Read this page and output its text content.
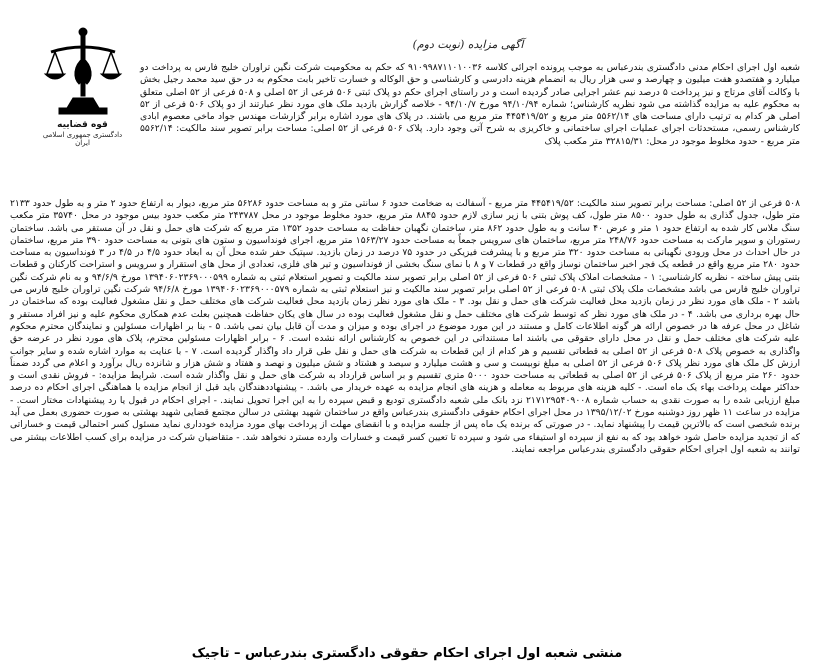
آگهی مزایده (نوبت دوم)
قوه قضاییه
دادگستری جمهوری اسلامی ایران
شعبه اول اجرای احکام مدنی دادگستری بندرعباس به موجب پرونده اجرائی کلاسه ۹۱۰۹۹۸۷۱۱۰۱۰۰۳۶ که حکم به محکومیت شرکت نگین تراوران خلیج فارس به پرداخت دو میلیارد و هفتصدو هفت میلیون و چهارصد و سی هزار ریال به انضمام هزینه دادرسی و کارشناسی و حق الوکاله و خسارت تاخیر بابت محکوم به در حق سید محمد رجیل بخش با وکالت آقای مرتاج و نیز پرداخت ۵ درصد نیم عشر اجرایی صادر گردیده است و در راستای اجرای حکم دو پلاک ثبتی ۵۰۶ فرعی از ۵۲ اصلی و ۵۰۸ فرعی از ۵۲ اصلی متعلق به محکوم علیه به مزایده گذاشته می شود نظریه کارشناس؛ شماره ۹۴/۱۰/۹۴ مورخ ۹۴/۱۰/۷ - خلاصه گزارش بازدید ملک های مورد نظر عبارتند از دو پلاک ۵۰۶ فرعی از ۵۲ اصلی هر کدام به ترتیب دارای مساحت های ۵۵۶۲/۱۴ متر مربع و ۴۴۵۴۱۹/۵۲ متر مربع می باشند. در پلاک های مورد اشاره برابر گزارشات مهندس جواد ماخی معصوم ابادی کارشناس رسمی، مستحدثات اجرای عملیات اجرای ساختمانی و خاکریزی به شرح آتی وجود دارد. پلاک ۵۰۶ فرعی از ۵۲ اصلی: مساحت برابر تصویر سند مالکیت: ۵۵۶۲/۱۴ متر مربع - حدود مخلوط موجود در محل: ۳۲۸۱۵/۳۱ متر مکعب پلاک
۵۰۸ فرعی از ۵۲ اصلی: مساحت برابر تصویر سند مالکیت: ۴۴۵۴۱۹/۵۲ متر مربع - آسفالت به ضخامت حدود ۶ سانتی متر و به مساحت حدود ۵۶۲۸۶ متر مربع، دیوار به ارتفاع حدود ۲ متر و به طول حدود ۲۱۳۳ متر طول، جدول گذاری به طول حدود ۸۵۰۰ متر طول، کف پوش بتنی با زیر سازی لازم حدود ۸۸۴۵ متر مربع، حدود مخلوط موجود در محل ۲۴۳۷۸۷ متر مکعب حدود بیس موجود در محل ۳۵۷۴۰ متر مکعب سنگ ملاس کار شده به ارتفاع حدود ۱ متر و عرض ۴۰ سانت و به طول حدود ۸۶۲ متر، ساختمان نگهبان حفاظت به مساحت حدود ۱۳۵۲ متر مربع که شرکت های حمل و نقل در آن مستقر می باشد. ساختمان رستوران و سوپر مارکت به مساحت حدود ۲۴۸/۷۶ متر مربع، ساختمان های سرویس جمعاً به مساحت حدود ۱۵۶۳/۲۷ متر مربع، اجرای فونداسیون و ستون های بتونی به مساحت حدود ۳۹۰ متر مربع، ساختمان در حال احداث در محل ورودی نگهبانی به مساحت حدود ۳۲۰ متر مربع و با پیشرفت فیزیکی در حدود ۷۵ درصد در زمان بازدید. سپتیک حفر شده محل آن به ابعاد حدود ۴/۵ در ۴/۵ در ۳ فونداسیون به مساحت حدود ۲۸۰ متر مربع واقع در قطعه یک فجر اخبر ساختمان نوساز واقع در قطعات ۷ و ۸ با نمای سنگ بخشی از فونداسیون و تیر های فلزی، تعدادی از محل های استقرار و سرویس و استراحت کارکنان و قطعات بتنی پیش ساخته - نظریه کارشناسی: ۱ - مشخصات املاک پلاک ثبتی ۵۰۶ فرعی از ۵۲ اصلی برابر تصویر سند مالکیت و تصویر استعلام ثبتی به شماره ۱۳۹۴۰۶۰۲۳۶۹۰۰۰۵۹۹ مورخ ۹۴/۶/۹ و به نام شرکت نگین تراوران خلیج فارس می باشد مشخصات ملک پلاک ثبتی ۵۰۸ فرعی از ۵۲ اصلی برابر تصویر سند مالکیت و نیز استعلام ثبتی به شماره ۱۳۹۴۰۶۰۲۳۶۹۰۰۰۵۷۹ مورخ ۹۴/۶/۸ شرکت نگین تراوران خلیج فارس می باشد ۲ - ملک های مورد نظر در زمان بازدید محل فعالیت شرکت های حمل و نقل بود. ۳ - ملک های مورد نظر زمان بازدید محل فعالیت شرکت های مختلف حمل و نقل مشغول فعالیت بوده که ساختمان در حال بهره برداری می باشد. ۴ - در ملک های مورد نظر که توسط شرکت های مختلف حمل و نقل مشغول فعالیت بوده در سال های یکان حفاظت همچنین بعلت عدم همکاری محکوم علیه و نیز افراد مستقر و شاغل در محل عرفه ها در خصوص ارائه هر گونه اطلاعات کامل و مستند در این مورد موضوع در اجرای بوده و میزان و مدت آن قابل بیان نمی باشد. ۵ - بنا بر اظهارات مسئولین و نمایندگان محترم محکوم علیه شرکت های مختلف حمل و نقل در محل دارای حقوقی می باشند اما مستنداتی در این خصوص به کارشناس ارائه نشده است. ۶ - برابر اظهارات مسئولین محترم، پلاک های مورد نظر در عرضه حق واگذاری به خصوص پلاک ۵۰۸ فرعی از ۵۲ اصلی به قطعاتی تقسیم و هر کدام از این قطعات به شرکت های حمل و نقل طی قرار داد واگذار گردیده است. ۷ - با عنایت به موارد اشاره شده و سایر جوانب ارزش کل ملک های مورد نظر پلاک ۵۰۶ فرعی از ۵۲ اصلی به مبلغ نوبیست و سی و هشت میلیارد و سیصد و هشتاد و شش میلیون و نهصد و هفتاد و شش هزار و شانزده ریال برآورد و اعلام می گردد ضمناً حدود ۲۶۰ متر مربع از پلاک ۵۰۶ فرعی از ۵۲ اصلی به قطعاتی به مساحت حدود ۵۰۰۰ متری تقسیم و بر اساس قرارداد به شرکت های حمل و نقل واگذار شده است. شرایط مزایده: - فروش نقدی است و حداکثر مهلت پرداخت بهاء یک ماه است. - کلیه هزینه های مربوط به معامله و هزینه های انجام مزایده به عهده خریدار می باشد. - پیشنهاددهندگان باید قبل از انجام مزایده با هماهنگی اجرای احکام ده درصد مبلغ ارزیابی شده را به صورت نقدی به حساب شماره ۲۱۷۱۲۹۵۴۰۹۰۰۸ نزد بانک ملی شعبه دادگستری تودیع و قبض سپرده را به این اجرا تحویل نمایند. - اجرای احکام در قبول یا رد پیشنهادات مختار است. - مزایده در ساعت ۱۱ ظهر روز دوشنبه مورخ ۱۳۹۵/۱۲/۰۲ در محل اجرای احکام حقوقی دادگستری بندرعباس واقع در ساختمان شهید بهشتی در سالن مجتمع قضایی شهید بهشتی به صورت حضوری بعمل می آید برنده شخصی است که بالاترین قیمت را پیشنهاد نماید. - در صورتی که برنده یک ماه پس از جلسه مزایده و با انقضای مهلت از پرداخت بهای مورد مزایده خودداری نماید مسئول کسر احتمالی قیمت و خساراتی که از تجدید مزایده حاصل شود خواهد بود که به نفع از سپرده او استیفاء می شود و سپرده تا تعیین کسر قیمت و خسارات وارده مسترد نخواهد شد. - متقاضیان شرکت در مزایده برای کسب اطلاعات بیشتر می توانند به شعبه اول اجرای احکام حقوقی دادگستری بندرعباس مراجعه نمایند.
منشی شعبه اول اجرای احکام حقوقی دادگستری بندرعباس – تاجیک
